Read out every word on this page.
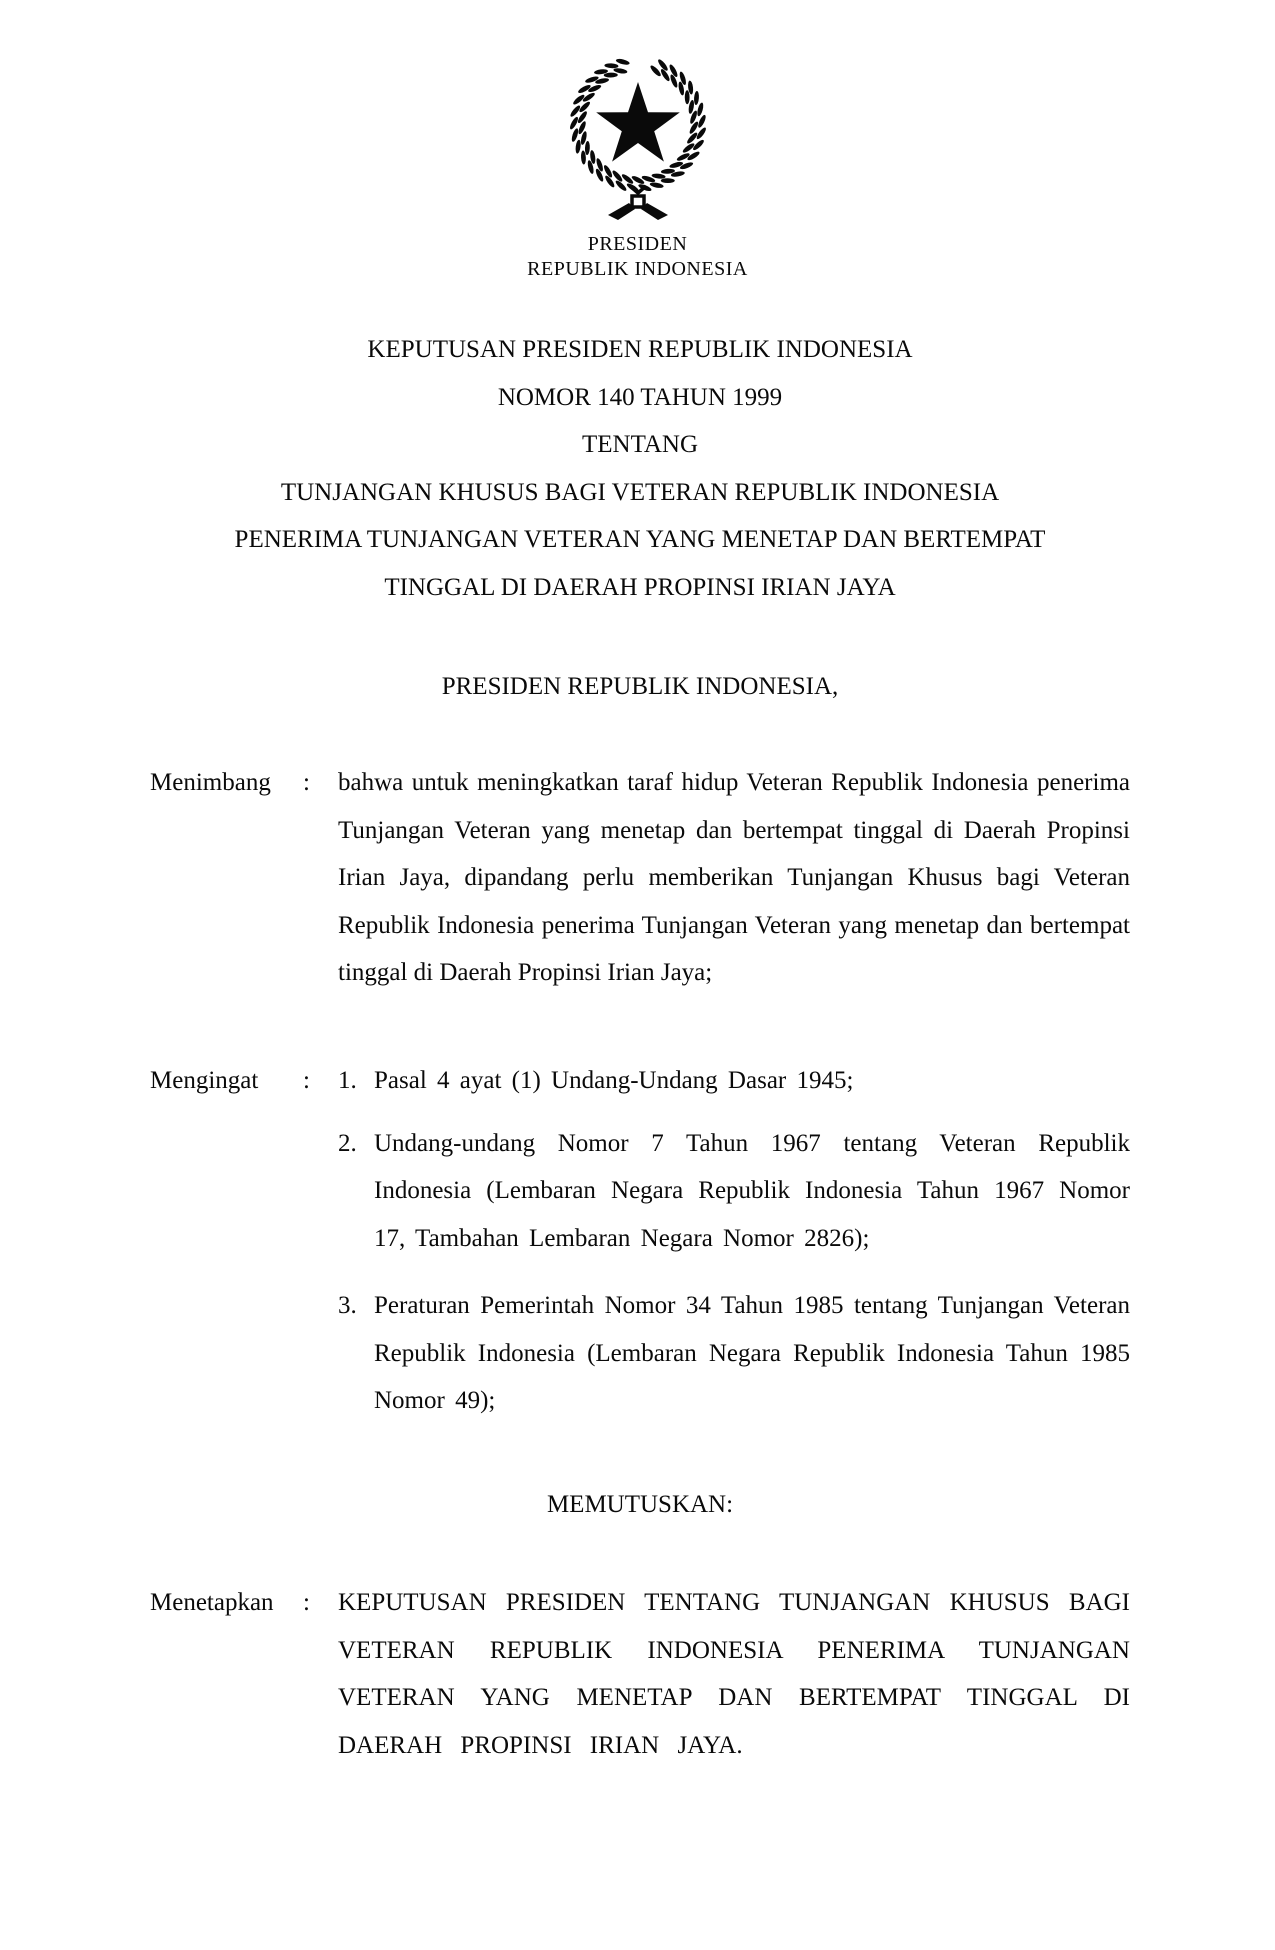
PRESIDEN
REPUBLIK INDONESIA
KEPUTUSAN PRESIDEN REPUBLIK INDONESIA
NOMOR 140 TAHUN 1999
TENTANG
TUNJANGAN KHUSUS BAGI VETERAN REPUBLIK INDONESIA
PENERIMA TUNJANGAN VETERAN YANG MENETAP DAN BERTEMPAT
TINGGAL DI DAERAH PROPINSI IRIAN JAYA
PRESIDEN REPUBLIK INDONESIA,
Menimbang	:	bahwa untuk meningkatkan taraf hidup Veteran Republik Indonesia penerima Tunjangan Veteran yang menetap dan bertempat tinggal di Daerah Propinsi Irian Jaya, dipandang perlu memberikan Tunjangan Khusus bagi Veteran Republik Indonesia penerima Tunjangan Veteran yang menetap dan bertempat tinggal di Daerah Propinsi Irian Jaya;
Mengingat	:	1. Pasal 4 ayat (1) Undang-Undang Dasar 1945;
2. Undang-undang Nomor 7 Tahun 1967 tentang Veteran Republik Indonesia (Lembaran Negara Republik Indonesia Tahun 1967 Nomor 17, Tambahan Lembaran Negara Nomor 2826);
3. Peraturan Pemerintah Nomor 34 Tahun 1985 tentang Tunjangan Veteran Republik Indonesia (Lembaran Negara Republik Indonesia Tahun 1985 Nomor 49);
MEMUTUSKAN:
Menetapkan	:	KEPUTUSAN PRESIDEN TENTANG TUNJANGAN KHUSUS BAGI VETERAN REPUBLIK INDONESIA PENERIMA TUNJANGAN VETERAN YANG MENETAP DAN BERTEMPAT TINGGAL DI DAERAH PROPINSI IRIAN JAYA.
